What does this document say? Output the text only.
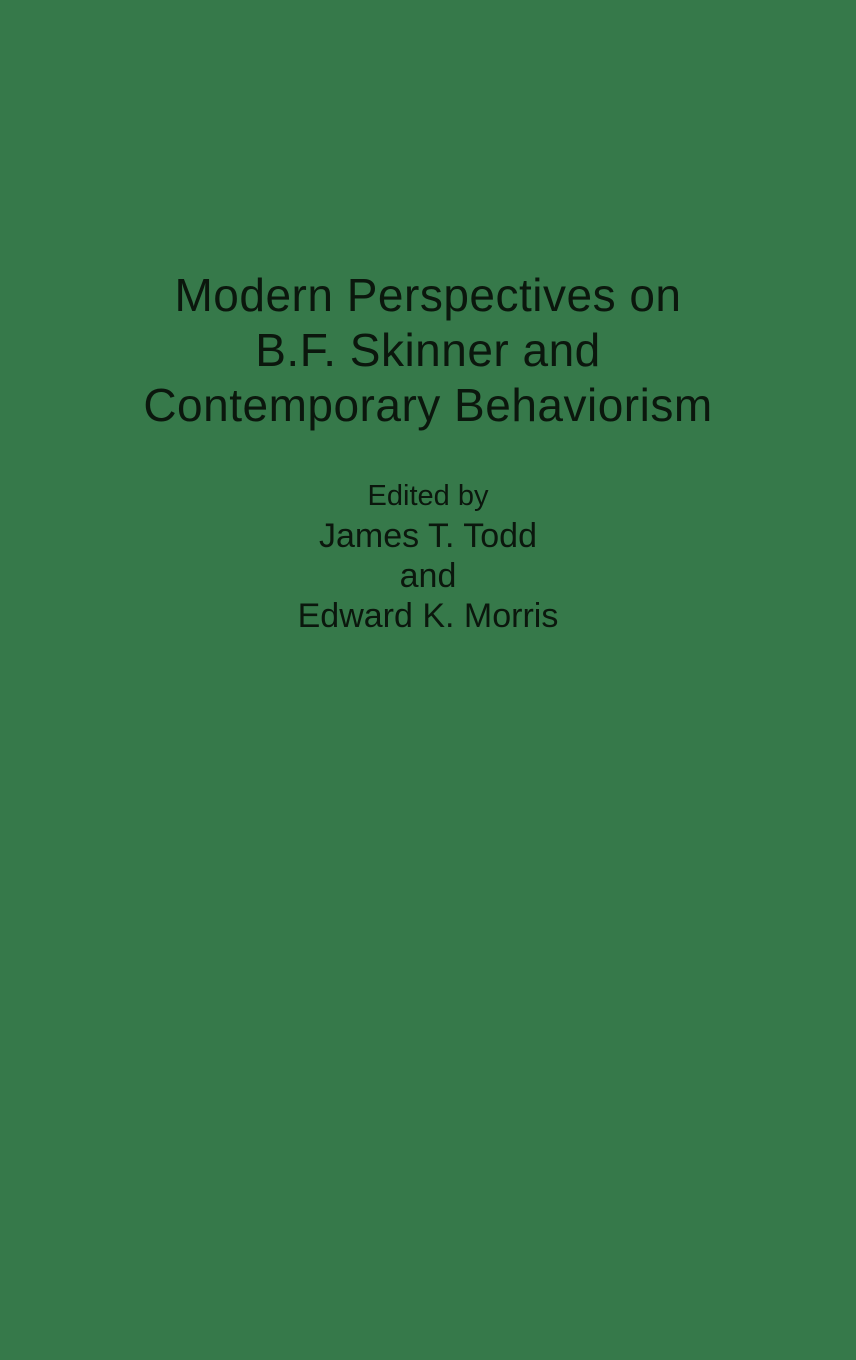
Modern Perspectives on
B.F. Skinner and
Contemporary Behaviorism
Edited by
James T. Todd
and
Edward K. Morris
